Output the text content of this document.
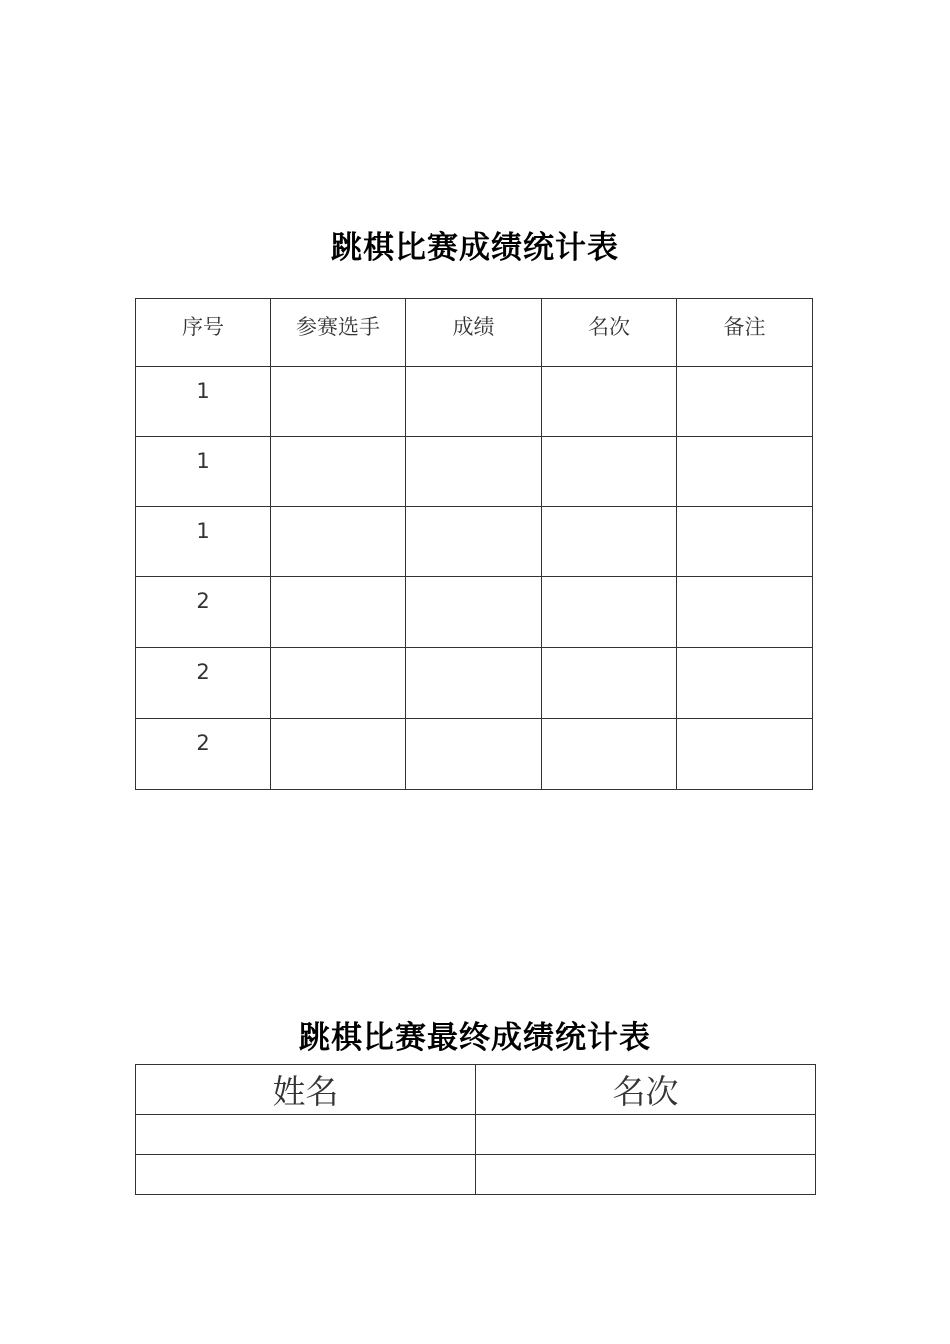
跳棋比赛成绩统计表
序号	参赛选手	成绩	名次	备注
1				
1				
1				
2				
2				
2				
跳棋比赛最终成绩统计表
姓名	名次
